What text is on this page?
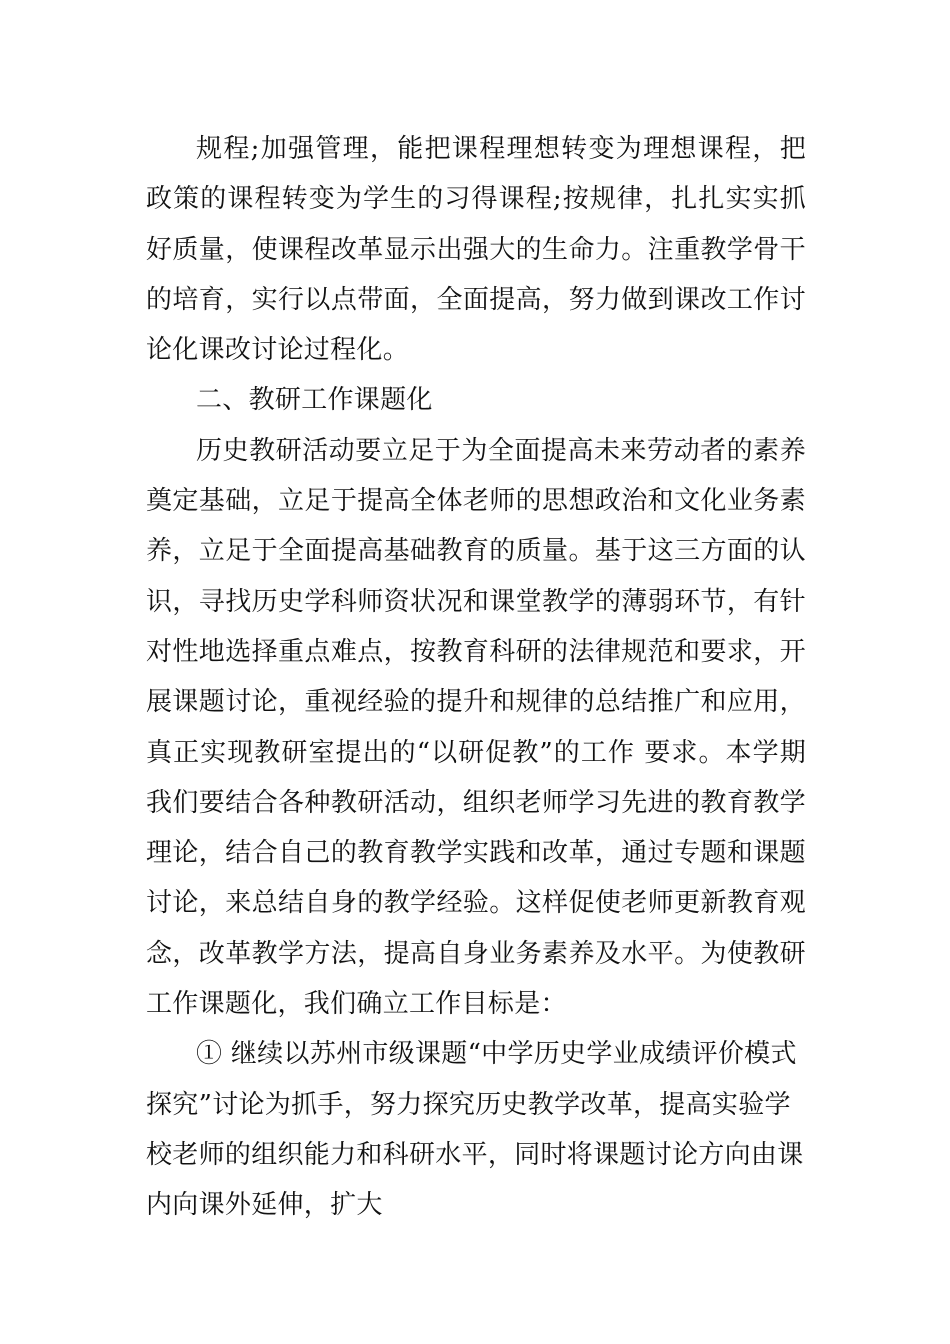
规程;加强管理，能把课程理想转变为理想课程，把政策的课程转变为学生的习得课程;按规律，扎扎实实抓好质量，使课程改革显示出强大的生命力。注重教学骨干的培育，实行以点带面，全面提高，努力做到课改工作讨论化课改讨论过程化。

二、教研工作课题化

历史教研活动要立足于为全面提高未来劳动者的素养奠定基础，立足于提高全体老师的思想政治和文化业务素养，立足于全面提高基础教育的质量。基于这三方面的认识，寻找历史学科师资状况和课堂教学的薄弱环节，有针对性地选择重点难点，按教育科研的法律规范和要求，开展课题讨论，重视经验的提升和规律的总结推广和应用，真正实现教研室提出的“以研促教”的工作 要求。本学期我们要结合各种教研活动，组织老师学习先进的教育教学理论，结合自己的教育教学实践和改革，通过专题和课题讨论，来总结自身的教学经验。这样促使老师更新教育观念，改革教学方法，提高自身业务素养及水平。为使教研工作课题化，我们确立工作目标是：

① 继续以苏州市级课题“中学历史学业成绩评价模式探究”讨论为抓手，努力探究历史教学改革，提高实验学校老师的组织能力和科研水平，同时将课题讨论方向由课内向课外延伸，扩大
